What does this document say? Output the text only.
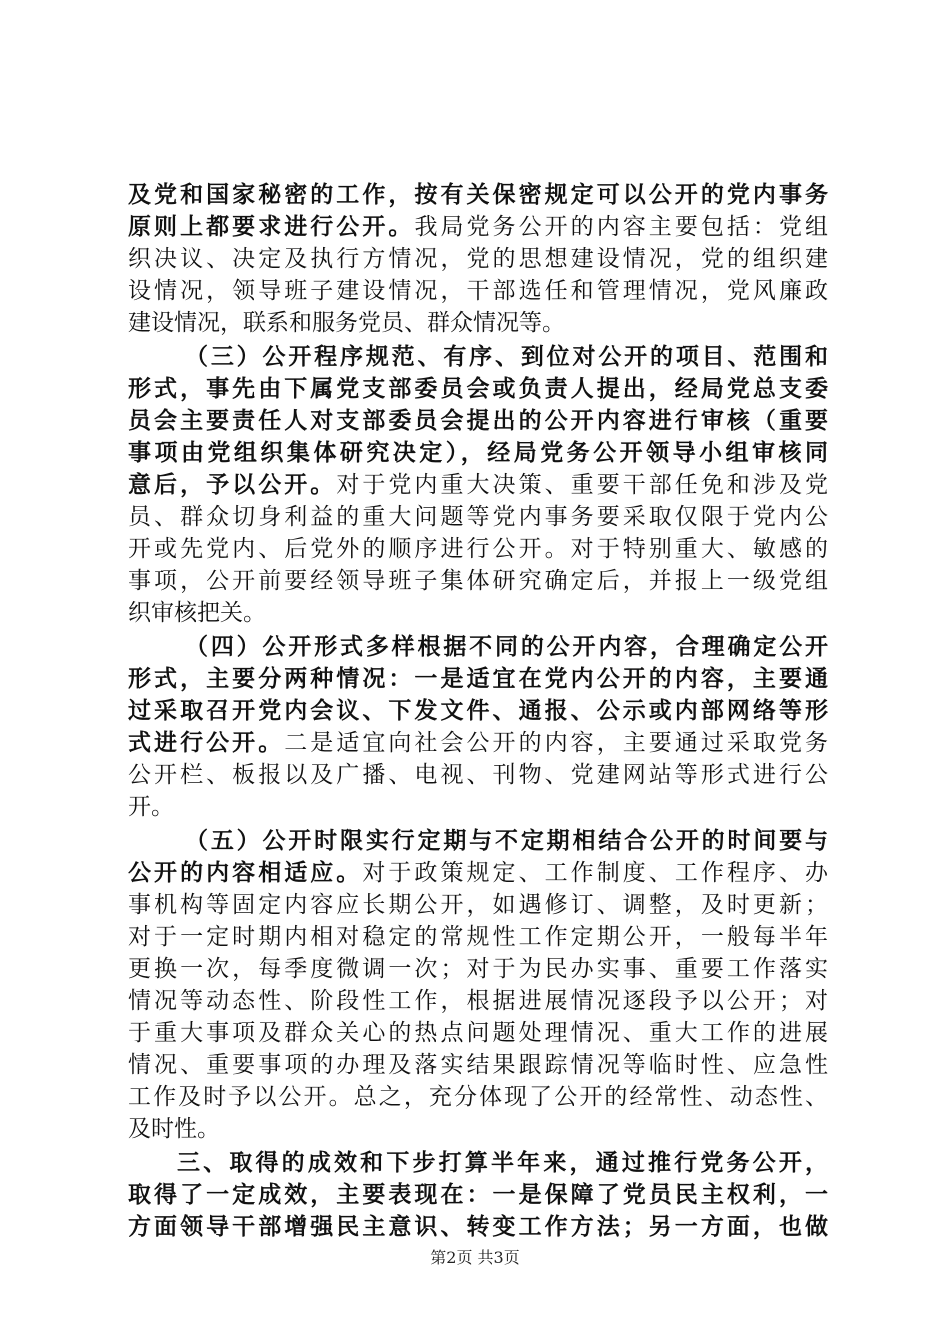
及党和国家秘密的工作，按有关保密规定可以公开的党内事务
原则上都要求进行公开。我局党务公开的内容主要包括：党组
织决议、决定及执行方情况，党的思想建设情况，党的组织建
设情况，领导班子建设情况，干部选任和管理情况，党风廉政
建设情况，联系和服务党员、群众情况等。
（三）公开程序规范、有序、到位对公开的项目、范围和
形式，事先由下属党支部委员会或负责人提出，经局党总支委
员会主要责任人对支部委员会提出的公开内容进行审核（重要
事项由党组织集体研究决定），经局党务公开领导小组审核同
意后，予以公开。对于党内重大决策、重要干部任免和涉及党
员、群众切身利益的重大问题等党内事务要采取仅限于党内公
开或先党内、后党外的顺序进行公开。对于特别重大、敏感的
事项，公开前要经领导班子集体研究确定后，并报上一级党组
织审核把关。
（四）公开形式多样根据不同的公开内容，合理确定公开
形式，主要分两种情况：一是适宜在党内公开的内容，主要通
过采取召开党内会议、下发文件、通报、公示或内部网络等形
式进行公开。二是适宜向社会公开的内容，主要通过采取党务
公开栏、板报以及广播、电视、刊物、党建网站等形式进行公
开。
（五）公开时限实行定期与不定期相结合公开的时间要与
公开的内容相适应。对于政策规定、工作制度、工作程序、办
事机构等固定内容应长期公开，如遇修订、调整，及时更新；
对于一定时期内相对稳定的常规性工作定期公开，一般每半年
更换一次，每季度微调一次；对于为民办实事、重要工作落实
情况等动态性、阶段性工作，根据进展情况逐段予以公开；对
于重大事项及群众关心的热点问题处理情况、重大工作的进展
情况、重要事项的办理及落实结果跟踪情况等临时性、应急性
工作及时予以公开。总之，充分体现了公开的经常性、动态性、
及时性。
三、取得的成效和下步打算半年来，通过推行党务公开，
取得了一定成效，主要表现在：一是保障了党员民主权利，一
方面领导干部增强民主意识、转变工作方法；另一方面，也做
第2页 共3页
